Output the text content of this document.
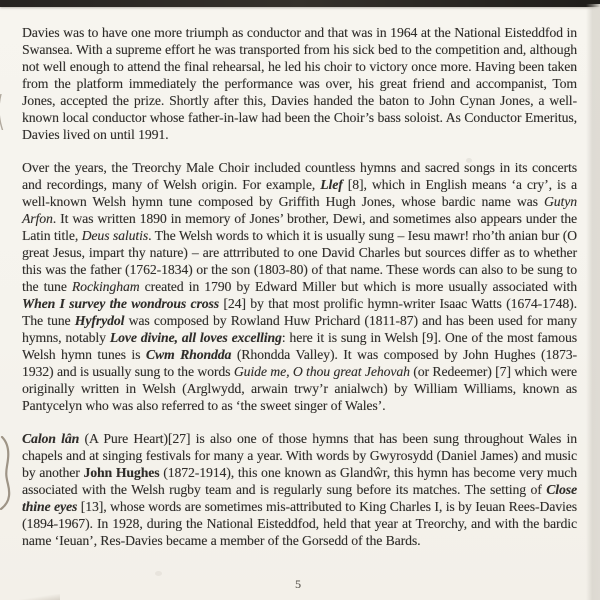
Davies was to have one more triumph as conductor and that was in 1964 at the National Eisteddfod in Swansea. With a supreme effort he was transported from his sick bed to the competition and, although not well enough to attend the final rehearsal, he led his choir to victory once more. Having been taken from the platform immediately the performance was over, his great friend and accompanist, Tom Jones, accepted the prize. Shortly after this, Davies handed the baton to John Cynan Jones, a well-known local conductor whose father-in-law had been the Choir’s bass soloist. As Conductor Emeritus, Davies lived on until 1991.

Over the years, the Treorchy Male Choir included countless hymns and sacred songs in its concerts and recordings, many of Welsh origin. For example, Llef [8], which in English means ‘a cry’, is a well-known Welsh hymn tune composed by Griffith Hugh Jones, whose bardic name was Gutyn Arfon. It was written 1890 in memory of Jones’ brother, Dewi, and sometimes also appears under the Latin title, Deus salutis. The Welsh words to which it is usually sung – Iesu mawr! rho’th anian bur (O great Jesus, impart thy nature) – are attrributed to one David Charles but sources differ as to whether this was the father (1762-1834) or the son (1803-80) of that name. These words can also to be sung to the tune Rockingham created in 1790 by Edward Miller but which is more usually associated with When I survey the wondrous cross [24] by that most prolific hymn-writer Isaac Watts (1674-1748). The tune Hyfrydol was composed by Rowland Huw Prichard (1811-87) and has been used for many hymns, notably Love divine, all loves excelling: here it is sung in Welsh [9]. One of the most famous Welsh hymn tunes is Cwm Rhondda (Rhondda Valley). It was composed by John Hughes (1873-1932) and is usually sung to the words Guide me, O thou great Jehovah (or Redeemer) [7] which were originally written in Welsh (Arglwydd, arwain trwy’r anialwch) by William Williams, known as Pantycelyn who was also referred to as ‘the sweet singer of Wales’.

Calon lân (A Pure Heart)[27] is also one of those hymns that has been sung throughout Wales in chapels and at singing festivals for many a year. With words by Gwyrosydd (Daniel James) and music by another John Hughes (1872-1914), this one known as Glandŵr, this hymn has become very much associated with the Welsh rugby team and is regularly sung before its matches. The setting of Close thine eyes [13], whose words are sometimes mis-attributed to King Charles I, is by Ieuan Rees-Davies (1894-1967). In 1928, during the National Eisteddfod, held that year at Treorchy, and with the bardic name ‘Ieuan’, Res-Davies became a member of the Gorsedd of the Bards.

5
